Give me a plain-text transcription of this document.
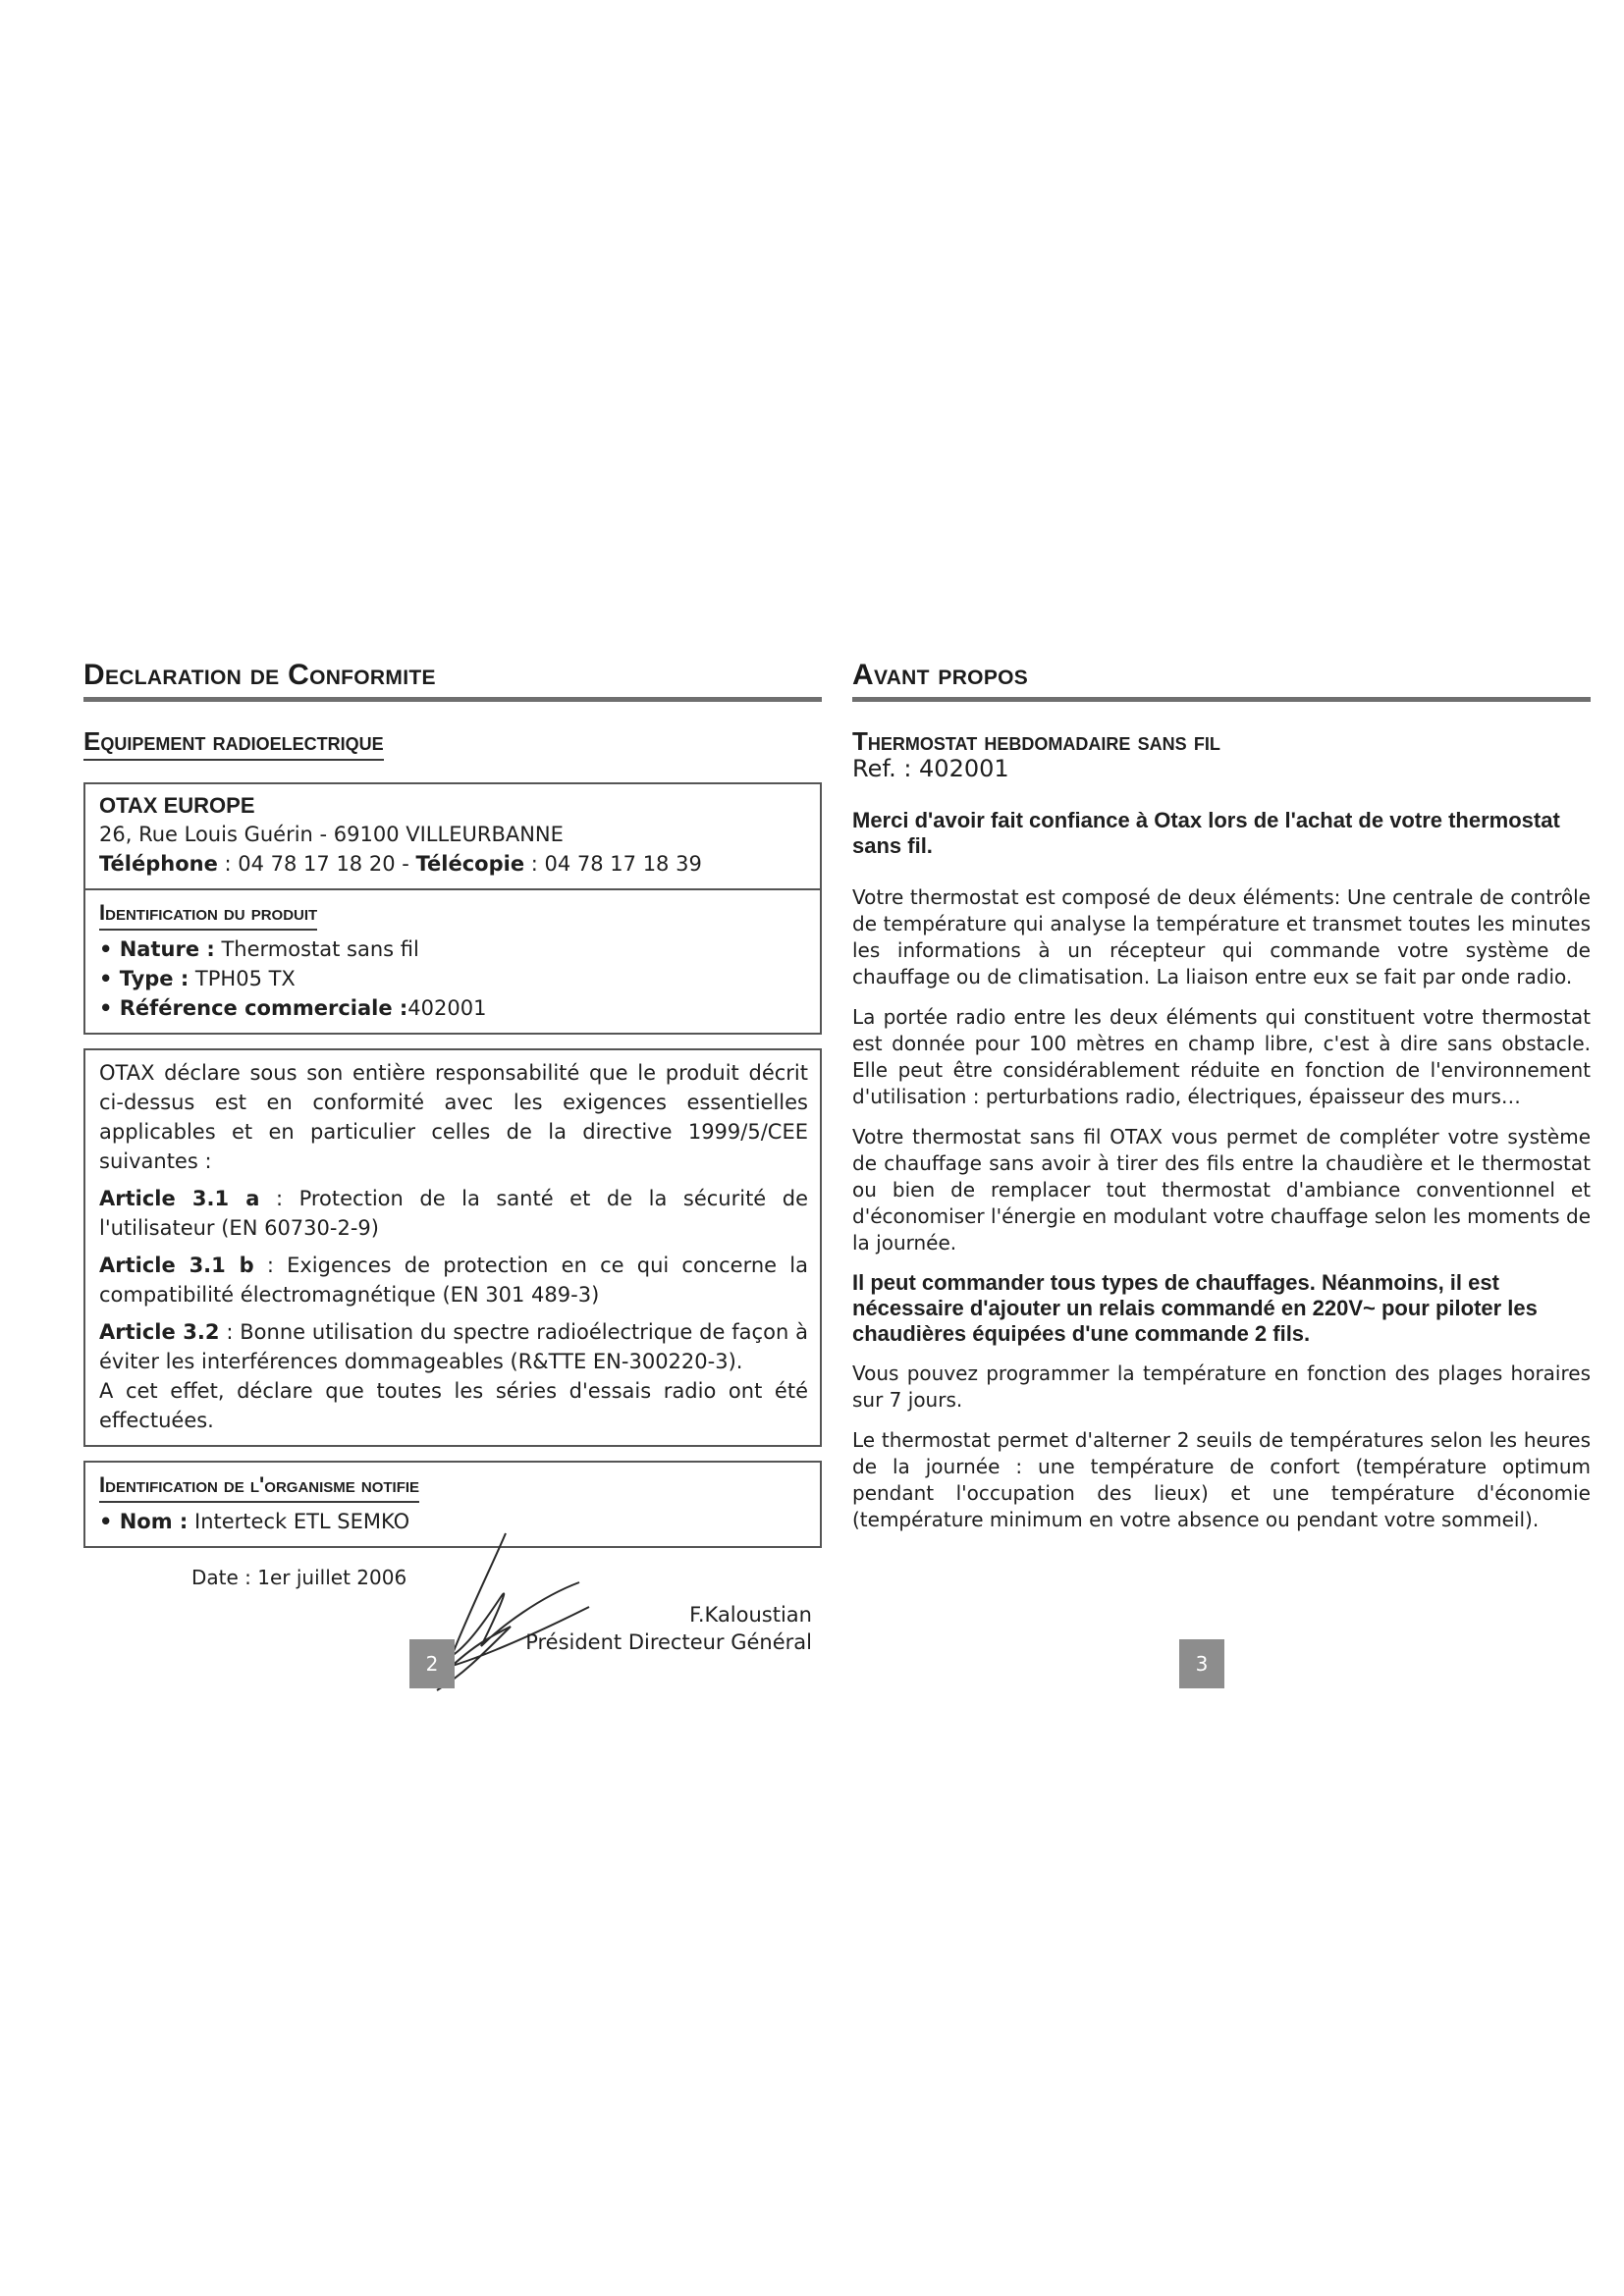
Declaration de Conformite
Equipement radioelectrique
OTAX EUROPE
26, Rue Louis Guérin - 69100 VILLEURBANNE
Téléphone : 04 78 17 18 20 - Télécopie : 04 78 17 18 39
Identification du produit
• Nature : Thermostat sans fil
• Type : TPH05 TX
• Référence commerciale :402001

OTAX déclare sous son entière responsabilité que le produit décrit ci-dessus est en conformité avec les exigences essentielles applicables et en particulier celles de la directive 1999/5/CEE suivantes :

Article 3.1 a : Protection de la santé et de la sécurité de l'utilisateur (EN 60730-2-9)

Article 3.1 b : Exigences de protection en ce qui concerne la compatibilité électromagnétique (EN 301 489-3)

Article 3.2 : Bonne utilisation du spectre radioélectrique de façon à éviter les interférences dommageables (R&TTE EN-300220-3).

A cet effet, déclare que toutes les séries d'essais radio ont été effectuées.

Identification de l'organisme notifie
• Nom : Interteck ETL SEMKO
Date : 1er juillet 2006
F.Kaloustian
Président Directeur Général
2
Avant propos
Thermostat hebdomadaire sans fil

Ref. : 402001

Merci d'avoir fait confiance à Otax lors de l'achat de votre thermostat sans fil.

Votre thermostat est composé de deux éléments: Une centrale de contrôle de température qui analyse la température et transmet toutes les minutes les informations à un récepteur qui commande votre système de chauffage ou de climatisation. La liaison entre eux se fait par onde radio.

La portée radio entre les deux éléments qui constituent votre thermostat est donnée pour 100 mètres en champ libre, c'est à dire sans obstacle. Elle peut être considérablement réduite en fonction de l'environnement d'utilisation : perturbations radio, électriques, épaisseur des murs…

Votre thermostat sans fil OTAX vous permet de compléter votre système de chauffage sans avoir à tirer des fils entre la chaudière et le thermostat ou bien de remplacer tout thermostat d'ambiance conventionnel et d'économiser l'énergie en modulant votre chauffage selon les moments de la journée.

Il peut commander tous types de chauffages. Néanmoins, il est nécessaire d'ajouter un relais commandé en 220V~ pour piloter les chaudières équipées d'une commande 2 fils.

Vous pouvez programmer la température en fonction des plages horaires sur 7 jours.

Le thermostat permet d'alterner 2 seuils de températures selon les heures de la journée : une température de confort (température optimum pendant l'occupation des lieux) et une température d'économie (température minimum en votre absence ou pendant votre sommeil).

3
